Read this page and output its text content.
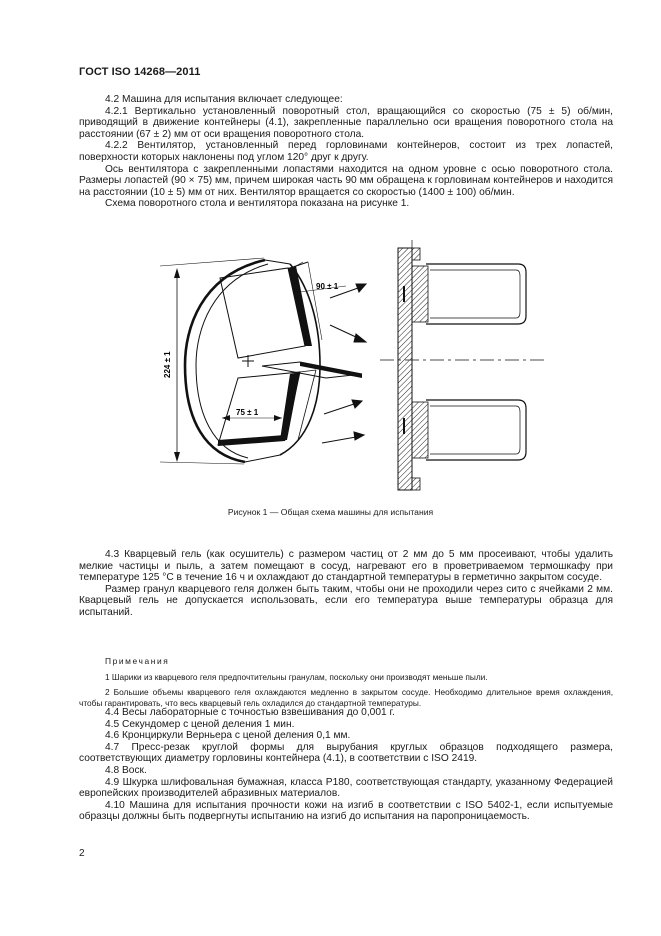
ГОСТ ISO 14268—2011

4.2 Машина для испытания включает следующее:

4.2.1 Вертикально установленный поворотный стол, вращающийся со скоростью (75 ± 5) об/мин, приводящий в движение контейнеры (4.1), закрепленные параллельно оси вращения поворотного стола на расстоянии (67 ± 2) мм от оси вращения поворотного стола.

4.2.2 Вентилятор, установленный перед горловинами контейнеров, состоит из трех лопастей, поверхности которых наклонены под углом 120° друг к другу.

Ось вентилятора с закрепленными лопастями находится на одном уровне с осью поворотного стола. Размеры лопастей (90 × 75) мм, причем широкая часть 90 мм обращена к горловинам контейнеров и находится на расстоянии (10 ± 5) мм от них. Вентилятор вращается со скоростью (1400 ± 100) об/мин.

Схема поворотного стола и вентилятора показана на рисунке 1.

224 ± 1
90 ± 1
75 ± 1
Рисунок 1 — Общая схема машины для испытания

4.3 Кварцевый гель (как осушитель) с размером частиц от 2 мм до 5 мм просеивают, чтобы удалить мелкие частицы и пыль, а затем помещают в сосуд, нагревают его в проветриваемом термошкафу при температуре 125 °С в течение 16 ч и охлаждают до стандартной температуры в герметично закрытом сосуде.

Размер гранул кварцевого геля должен быть таким, чтобы они не проходили через сито с ячейками 2 мм. Кварцевый гель не допускается использовать, если его температура выше температуры образца для испытаний.

Примечания

1 Шарики из кварцевого геля предпочтительны гранулам, поскольку они производят меньше пыли.

2 Большие объемы кварцевого геля охлаждаются медленно в закрытом сосуде. Необходимо длительное время охлаждения, чтобы гарантировать, что весь кварцевый гель охладился до стандартной температуры.

4.4 Весы лабораторные с точностью взвешивания до 0,001 г.

4.5 Секундомер с ценой деления 1 мин.

4.6 Кронциркули Верньера с ценой деления 0,1 мм.

4.7 Пресс-резак круглой формы для вырубания круглых образцов подходящего размера, соответствующих диаметру горловины контейнера (4.1), в соответствии с ISO 2419.

4.8 Воск.

4.9 Шкурка шлифовальная бумажная, класса Р180, соответствующая стандарту, указанному Федерацией европейских производителей абразивных материалов.

4.10 Машина для испытания прочности кожи на изгиб в соответствии с ISO 5402-1, если испытуемые образцы должны быть подвергнуты испытанию на изгиб до испытания на паропроницаемость.

2
